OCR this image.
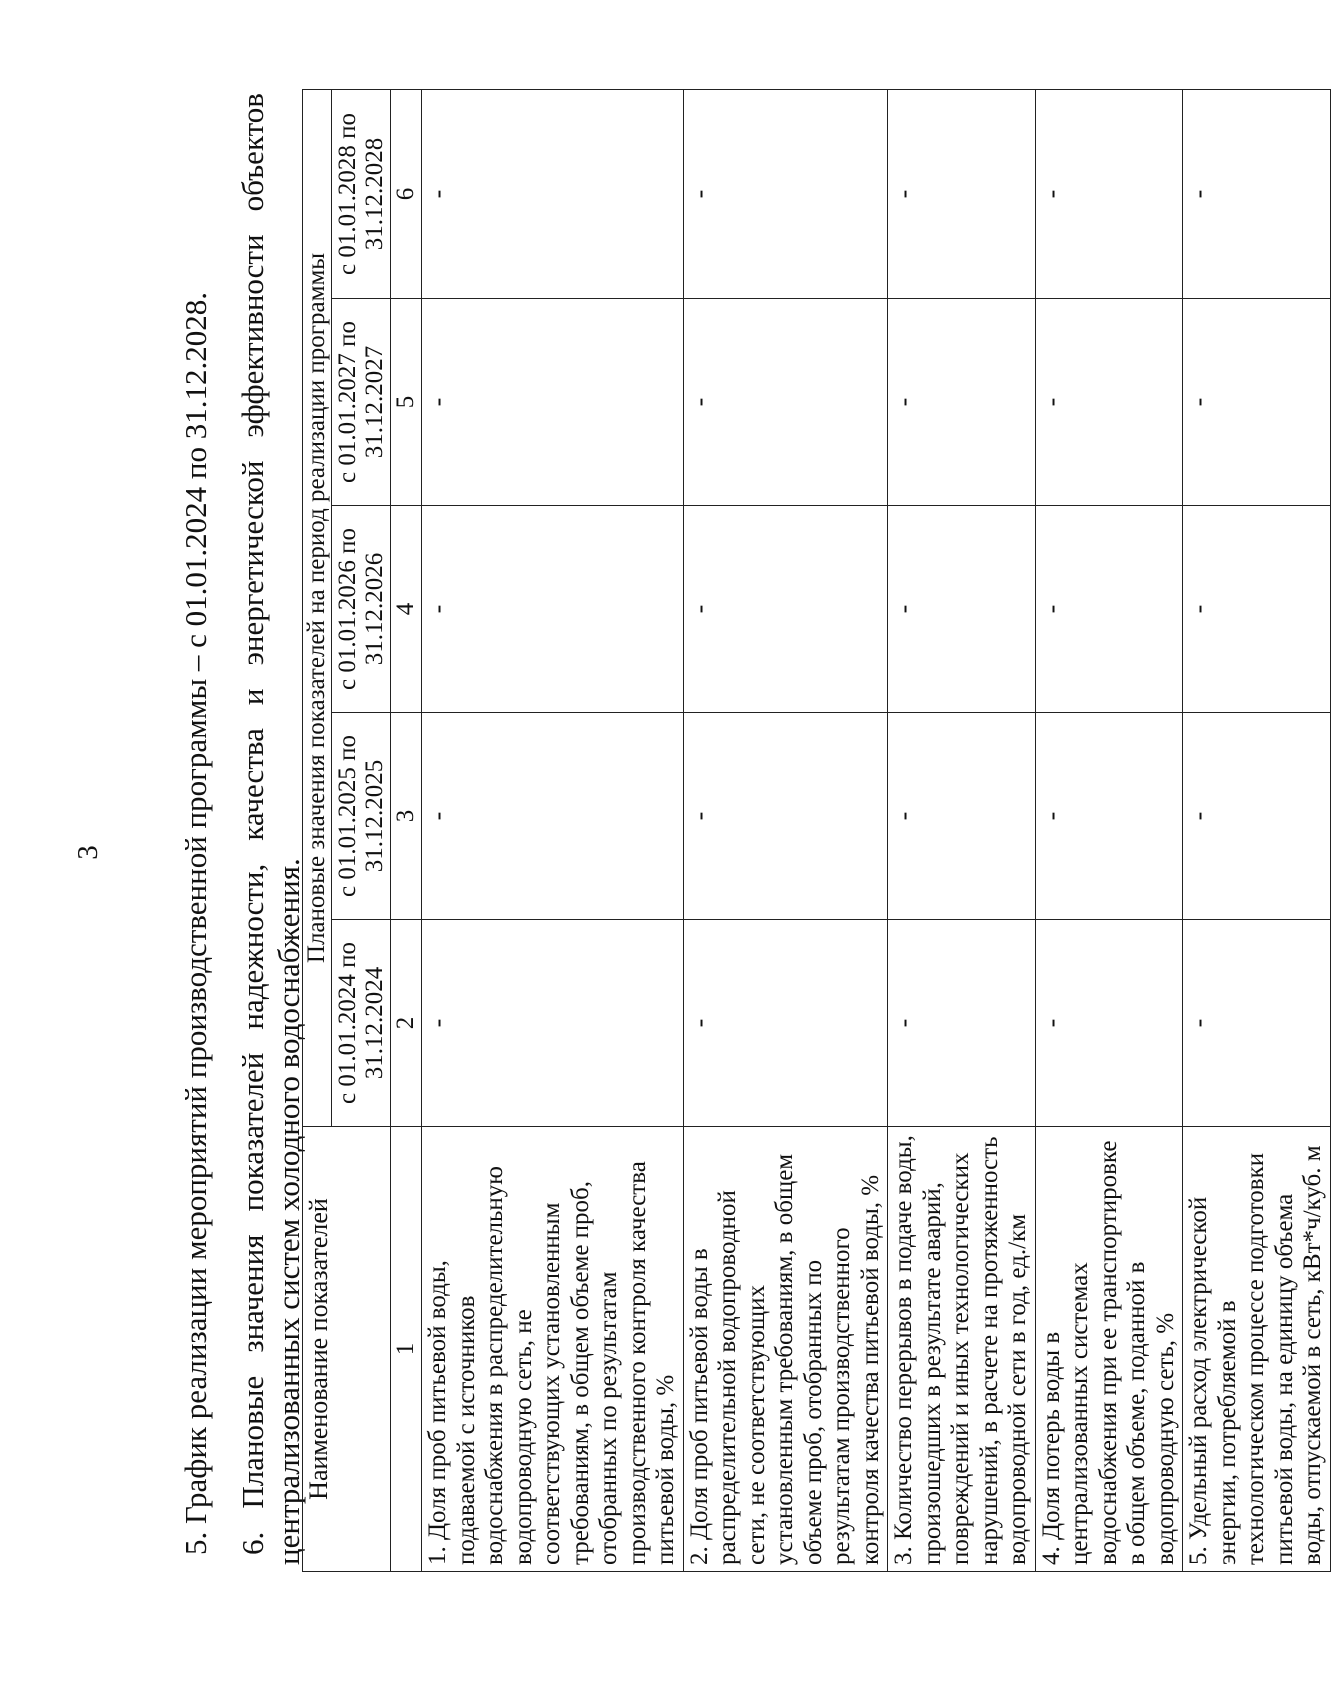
3 5. График реализации мероприятий производственной программы – с 01.01.2024 по 31.12.2028. 6.
Плановые
значения
показателей
надежности,
качества
и
энергетической
эффективности
объектов
централизованных систем холодного водоснабжения.
Наименование показателей	Плановые значения показателей на период реализации программы				
	с 01.01.2024 по 31.12.2024	с 01.01.2025 по 31.12.2025	с 01.01.2026 по 31.12.2026	с 01.01.2027 по 31.12.2027	с 01.01.2028 по 31.12.2028
1	2	3	4	5	6
1. Доля проб питьевой воды, подаваемой с источников водоснабжения в распределительную водопроводную сеть, не соответствующих установленным требованиям, в общем объеме проб, отобранных по результатам производственного контроля качества питьевой воды, %	-	-	-	-	-
2. Доля проб питьевой воды в распределительной водопроводной сети, не соответствующих установленным требованиям, в общем объеме проб, отобранных по результатам производственного контроля качества питьевой воды, %	-	-	-	-	-
3. Количество перерывов в подаче воды, произошедших в результате аварий, повреждений и иных технологических нарушений, в расчете на протяженность водопроводной сети в год, ед./км	-	-	-	-	-
4. Доля потерь воды в централизованных системах водоснабжения при ее транспортировке в общем объеме, поданной в водопроводную сеть, %	-	-	-	-	-
5. Удельный расход электрической энергии, потребляемой в технологическом процессе подготовки питьевой воды, на единицу объема воды, отпускаемой в сеть, кВт*ч/куб. м	-	-	-	-	-
